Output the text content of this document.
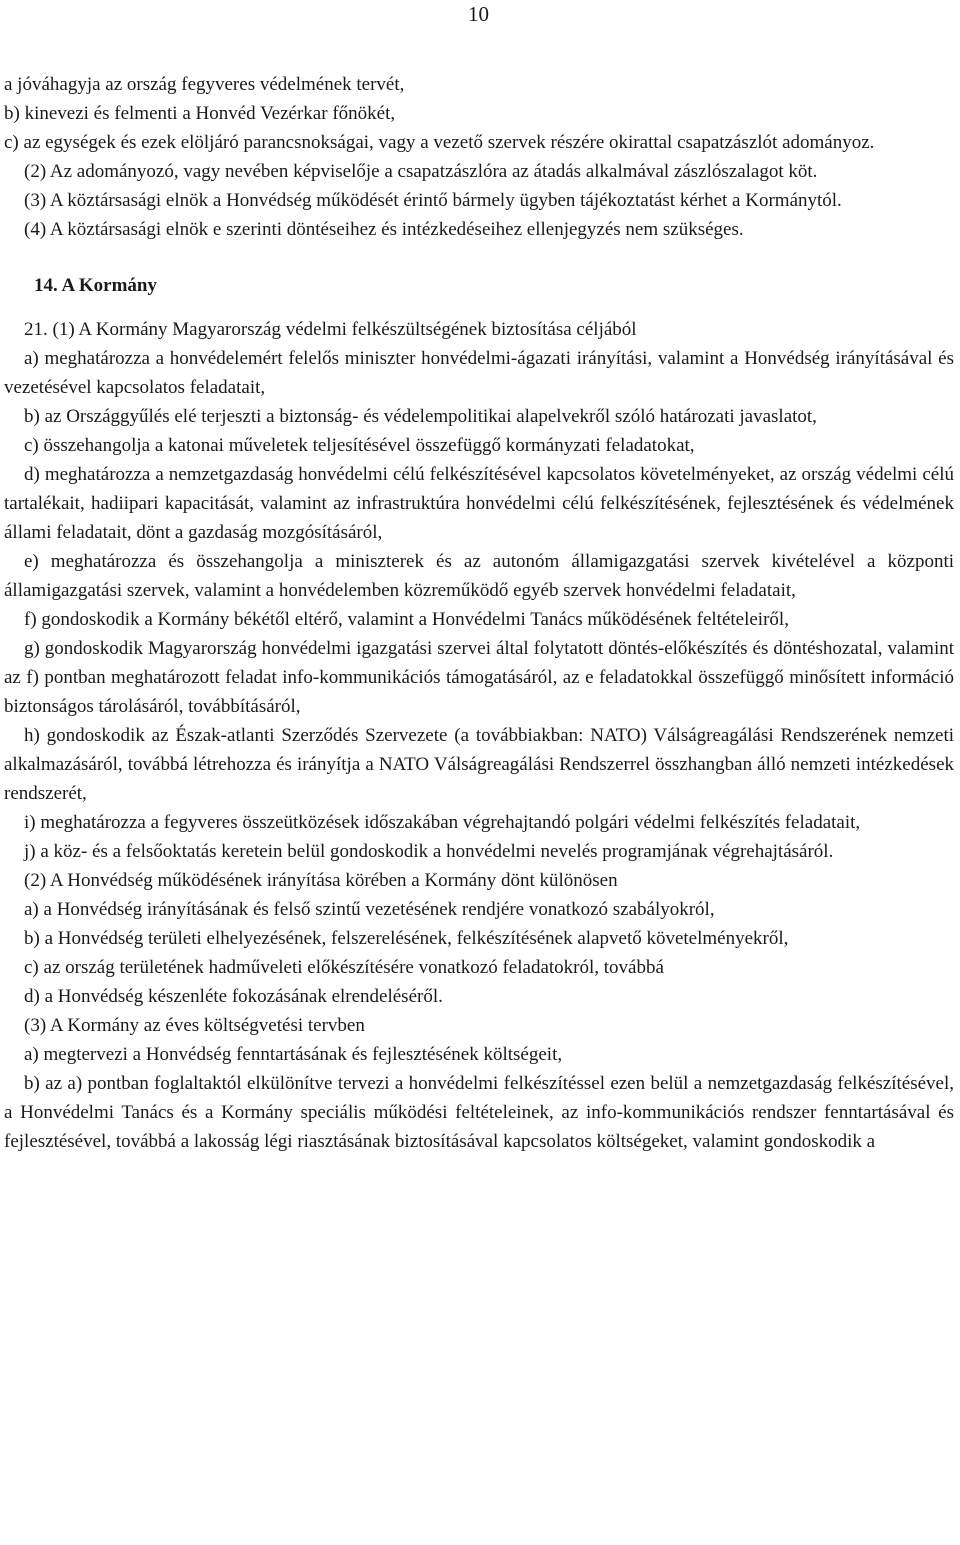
10

a jóváhagyja az ország fegyveres védelmének tervét,

b) kinevezi és felmenti a Honvéd Vezérkar főnökét,

c) az egységek és ezek elöljáró parancsnokságai, vagy a vezető szervek részére okirattal csapatzászlót adományoz.

(2) Az adományozó, vagy nevében képviselője a csapatzászlóra az átadás alkalmával zászlószalagot köt.

(3) A köztársasági elnök a Honvédség működését érintő bármely ügyben tájékoztatást kérhet a Kormánytól.

(4) A köztársasági elnök e szerinti döntéseihez és intézkedéseihez ellenjegyzés nem szükséges.

14. A Kormány

21. (1) A Kormány Magyarország védelmi felkészültségének biztosítása céljából

a) meghatározza a honvédelemért felelős miniszter honvédelmi-ágazati irányítási, valamint a Honvédség irányításával és vezetésével kapcsolatos feladatait,

b) az Országgyűlés elé terjeszti a biztonság- és védelempolitikai alapelvekről szóló határozati javaslatot,

c) összehangolja a katonai műveletek teljesítésével összefüggő kormányzati feladatokat,

d) meghatározza a nemzetgazdaság honvédelmi célú felkészítésével kapcsolatos követelményeket, az ország védelmi célú tartalékait, hadiipari kapacitását, valamint az infrastruktúra honvédelmi célú felkészítésének, fejlesztésének és védelmének állami feladatait, dönt a gazdaság mozgósításáról,

e) meghatározza és összehangolja a miniszterek és az autonóm államigazgatási szervek kivételével a központi államigazgatási szervek, valamint a honvédelemben közreműködő egyéb szervek honvédelmi feladatait,

f) gondoskodik a Kormány békétől eltérő, valamint a Honvédelmi Tanács működésének feltételeiről,

g) gondoskodik Magyarország honvédelmi igazgatási szervei által folytatott döntés-előkészítés és döntéshozatal, valamint az f) pontban meghatározott feladat info-kommunikációs támogatásáról, az e feladatokkal összefüggő minősített információ biztonságos tárolásáról, továbbításáról,

h) gondoskodik az Észak-atlanti Szerződés Szervezete (a továbbiakban: NATO) Válságreagálási Rendszerének nemzeti alkalmazásáról, továbbá létrehozza és irányítja a NATO Válságreagálási Rendszerrel összhangban álló nemzeti intézkedések rendszerét,

i) meghatározza a fegyveres összeütközések időszakában végrehajtandó polgári védelmi felkészítés feladatait,

j) a köz- és a felsőoktatás keretein belül gondoskodik a honvédelmi nevelés programjának végrehajtásáról.

(2) A Honvédség működésének irányítása körében a Kormány dönt különösen

a) a Honvédség irányításának és felső szintű vezetésének rendjére vonatkozó szabályokról,

b) a Honvédség területi elhelyezésének, felszerelésének, felkészítésének alapvető követelményekről,

c) az ország területének hadműveleti előkészítésére vonatkozó feladatokról, továbbá

d) a Honvédség készenléte fokozásának elrendeléséről.

(3) A Kormány az éves költségvetési tervben

a) megtervezi a Honvédség fenntartásának és fejlesztésének költségeit,

b) az a) pontban foglaltaktól elkülönítve tervezi a honvédelmi felkészítéssel ezen belül a nemzetgazdaság felkészítésével, a Honvédelmi Tanács és a Kormány speciális működési feltételeinek, az info-kommunikációs rendszer fenntartásával és fejlesztésével, továbbá a lakosság légi riasztásának biztosításával kapcsolatos költségeket, valamint gondoskodik a
